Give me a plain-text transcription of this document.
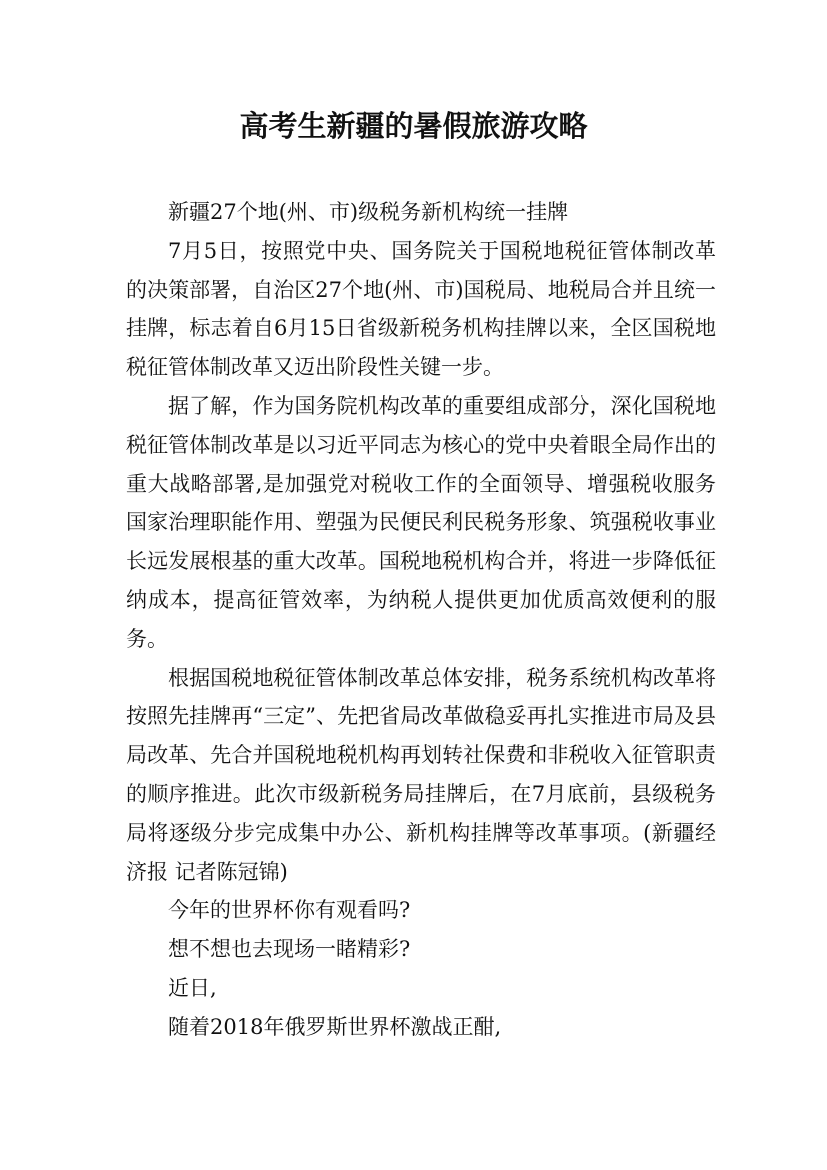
高考生新疆的暑假旅游攻略

新疆27个地(州、市)级税务新机构统一挂牌

7月5日，按照党中央、国务院关于国税地税征管体制改革的决策部署，自治区27个地(州、市)国税局、地税局合并且统一挂牌，标志着自6月15日省级新税务机构挂牌以来，全区国税地税征管体制改革又迈出阶段性关键一步。

据了解，作为国务院机构改革的重要组成部分，深化国税地税征管体制改革是以习近平同志为核心的党中央着眼全局作出的重大战略部署,是加强党对税收工作的全面领导、增强税收服务国家治理职能作用、塑强为民便民利民税务形象、筑强税收事业长远发展根基的重大改革。国税地税机构合并，将进一步降低征纳成本，提高征管效率，为纳税人提供更加优质高效便利的服务。

根据国税地税征管体制改革总体安排，税务系统机构改革将按照先挂牌再“三定”、先把省局改革做稳妥再扎实推进市局及县局改革、先合并国税地税机构再划转社保费和非税收入征管职责的顺序推进。此次市级新税务局挂牌后，在7月底前，县级税务局将逐级分步完成集中办公、新机构挂牌等改革事项。(新疆经济报 记者陈冠锦)

今年的世界杯你有观看吗?

想不想也去现场一睹精彩?

近日,

随着2018年俄罗斯世界杯激战正酣,
